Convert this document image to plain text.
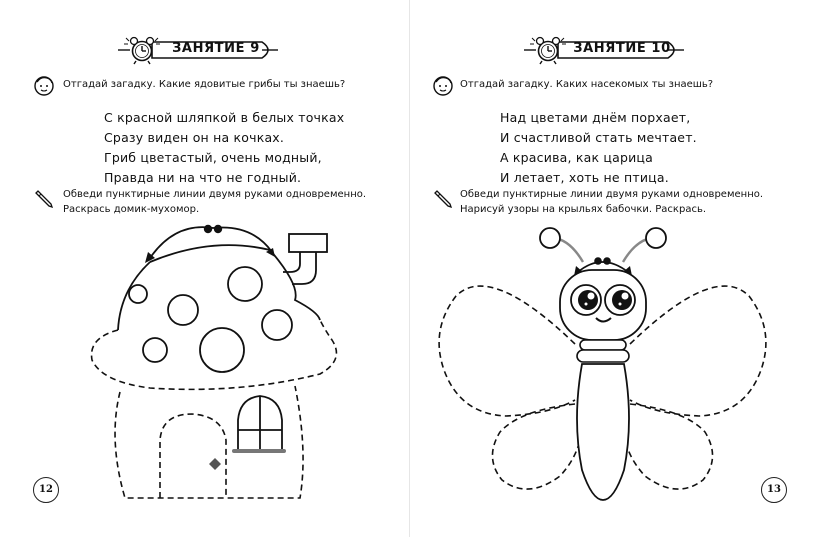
ЗАНЯТИЕ 9
Отгадай загадку. Какие ядовитые грибы ты знаешь?
С красной шляпкой в белых точках
Сразу виден он на кочках.
Гриб цветастый, очень модный,
Правда ни на что не годный.
Обведи пунктирные линии двумя руками одновременно.
Раскрась домик-мухомор.
12
ЗАНЯТИЕ 10
Отгадай загадку. Каких насекомых ты знаешь?
Над цветами днём порхает,
И счастливой стать мечтает.
А красива, как царица
И летает, хоть не птица.
Обведи пунктирные линии двумя руками одновременно.
Нарисуй узоры на крыльях бабочки. Раскрась.
13
